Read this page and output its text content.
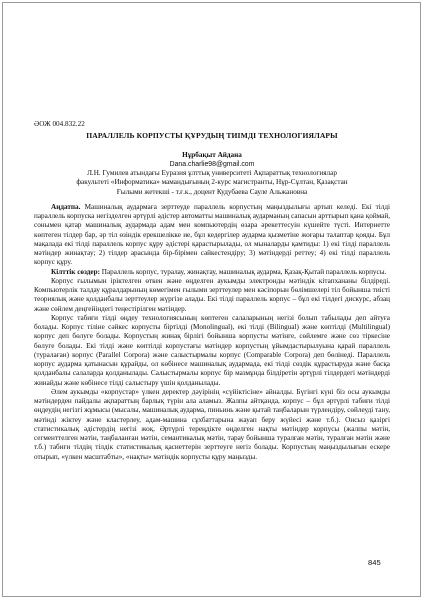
ӘОЖ 004.832.22

ПАРАЛЛЕЛЬ КОРПУСТЫ ҚҰРУДЫҢ ТИІМДІ ТЕХНОЛОГИЯЛАРЫ

Нұрбақыт Айдана

Dana.charlie98@gmail.com

Л.Н. Гумилев атындағы Еуразия ұлттық университеті Ақпараттық технологиялар
факультеті «Информатика» мамандығының 2-курс магистранты, Нұр-Сұлтан, Қазақстан
Ғылыми жетекші - т.ғ.к., доцент Кудубаева Сауле Альжановна

Аңдатпа. Машиналық аудармаға зерттеуде параллель корпустың маңыздылығы артып келеді. Екі тілді параллель корпуска негізделген әртүрлі әдістер автоматты машиналық аударманың сапасын арттырып қана қоймай, сонымен қатар машиналық аудармада адам мен компьютердің өзара әрекеттесуін күшейте түсті. Интернетте көптеген тілдер бар, әр тіл өзіндік ерекшелікке ие, бұл кедергілер аударма қызметіне жоғары талаптар қояды. Бұл мақалада екі тілді параллель корпус құру әдістері қарастырылады, ол мыналарды қамтиды: 1) екі тілді параллель мәтіндер жинақтау; 2) тілдер арасында бір-бірімен сәйкестендіру; 3) мәтіндерді реттеу; 4) екі тілді параллель корпус құру.

Кілттік сөздер: Параллель корпус, туралау, жинақтау, машиналық аударма, Қазақ-Қытай параллель корпусы.

Корпус ғылымын іріктелген өткен және өңделген аукымды электронды мәтіндік кітапхананы білдіреді. Компьютерлік талдау құралдарының көмегімен ғылыми зерттеулер мен кәсіпорын бөлімшелері тіл бойынша тиісті теориялық және қолданбалы зерттеулер жүргізе алады. Екі тілді параллель корпус – бұл екі тілдегі дискурс, абзац және сөйлем деңгейіндегі теңестірілген мәтіндер.

Корпус табиғи тілді өңдеу технологиясының көптеген салаларының негізі болып табылады деп айтуға болады. Корпус тіліне сәйкес корпусты біртілді (Monolingual), екі тілді (Bilingual) және көптілді (Multilingual) корпус деп бөлуге болады. Корпустың жинақ бірлігі бойынша корпусты мәтінге, сөйлемге және сөз тіркесіне бөлуге болады. Екі тілді және көптілді корпустағы мәтіндер корпустың ұйымдастырылуына қарай параллель (туралаған) корпус (Parallel Corpora) және салыстырмалы корпус (Comparable Corpora) деп бөлінеді. Параллель корпус аударма қатынасын құрайды, ол көбінесе машиналық аудармада, екі тілді сөздік құрастыруда және басқа қолданбалы салаларда қолданылады. Салыстырмалы корпус бір мазмұнда білдіретін әртүрлі тілдердегі мәтіндерді жинайды және көбінесе тілді салыстыру үшін қолданылады.

Әлем аукымды «корпустар» үлкен деректер дәуірінің «сүйіктісіне» айналды. Бүгінгі күні біз осы аукымды мәтіндерден пайдалы ақпараттың барлық түрін ала аламыз. Жалпы айтқанда, корпус – бұл әртүрлі табиғи тілді өңдеудің негізгі жұмысы (мысалы, машиналық аударма, пиньинь және қытай таңбаларын түрлендіру, сөйлеуді тану, мәтінді жіктеу және кластерлеу, адам-машина сұхбаттарына жауап беру жүйесі және т.б.). Онсыз қазіргі статистикалық әдістердің негізі жоқ. Әртүрлі тереңдікте өңделген нақты мәтіндер корпусы (жалпы мәтін, сегменттелген мәтін, таңбаланған мәтін, семантикалық мәтін, тарау бойынша туралған мәтін, туралған мәтін және т.б.) табиғи тілдің тілдік статистикалық қасиеттерін зерттеуге негіз болады. Корпустың маңыздылығын ескере отырып, «үлкен масштабты», «нақты» мәтіндік корпусты құру маңызды.

845
